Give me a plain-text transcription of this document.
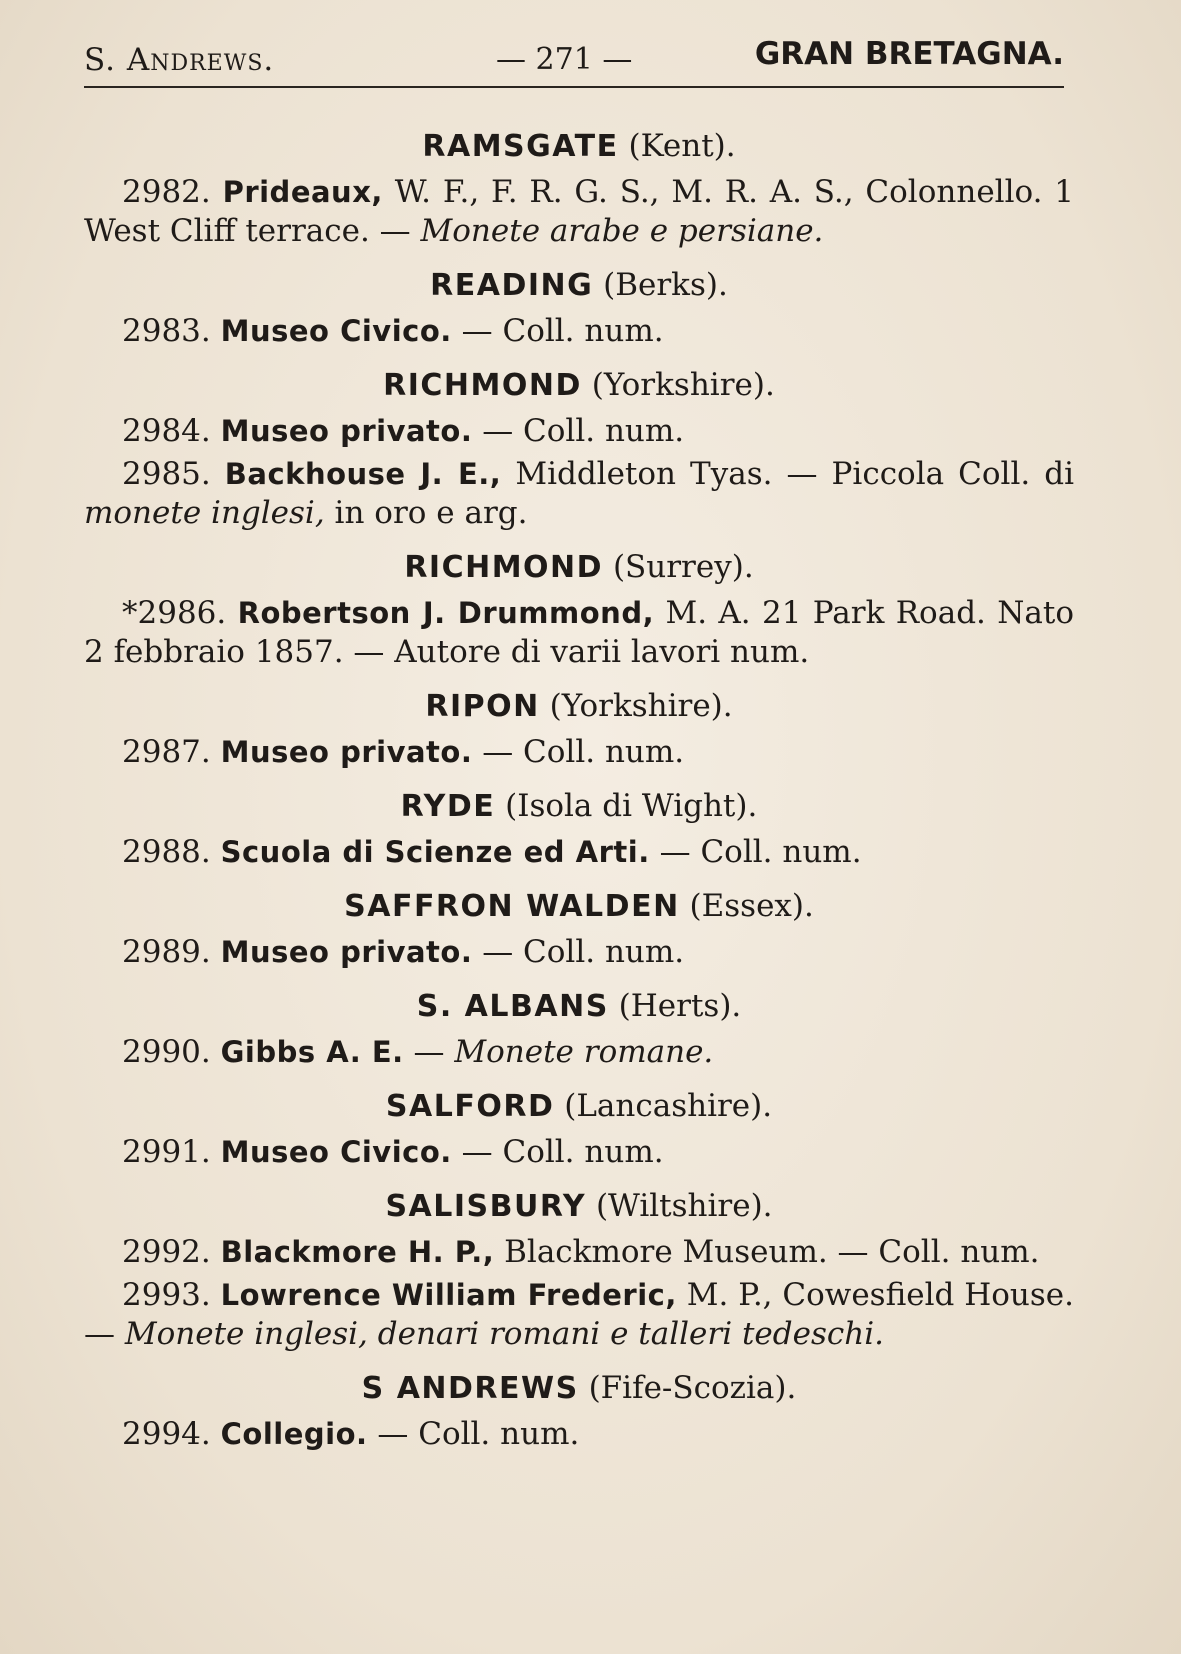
S. Andrews.	— 271 —	GRAN BRETAGNA.
RAMSGATE (Kent).

2982. Prideaux, W. F., F. R. G. S., M. R. A. S., Colonnello. 1 West Cliff terrace. — Monete arabe e persiane.

READING (Berks).

2983. Museo Civico. — Coll. num.

RICHMOND (Yorkshire).

2984. Museo privato. — Coll. num.

2985. Backhouse J. E., Middleton Tyas. — Piccola Coll. di monete inglesi, in oro e arg.

RICHMOND (Surrey).

*2986. Robertson J. Drummond, M. A. 21 Park Road. Nato 2 febbraio 1857. — Autore di varii lavori num.

RIPON (Yorkshire).

2987. Museo privato. — Coll. num.

RYDE (Isola di Wight).

2988. Scuola di Scienze ed Arti. — Coll. num.

SAFFRON WALDEN (Essex).

2989. Museo privato. — Coll. num.

S. ALBANS (Herts).

2990. Gibbs A. E. — Monete romane.

SALFORD (Lancashire).

2991. Museo Civico. — Coll. num.

SALISBURY (Wiltshire).

2992. Blackmore H. P., Blackmore Museum. — Coll. num.

2993. Lowrence William Frederic, M. P., Cowesfield House. — Monete inglesi, denari romani e talleri tedeschi.

S ANDREWS (Fife-Scozia).

2994. Collegio. — Coll. num.
